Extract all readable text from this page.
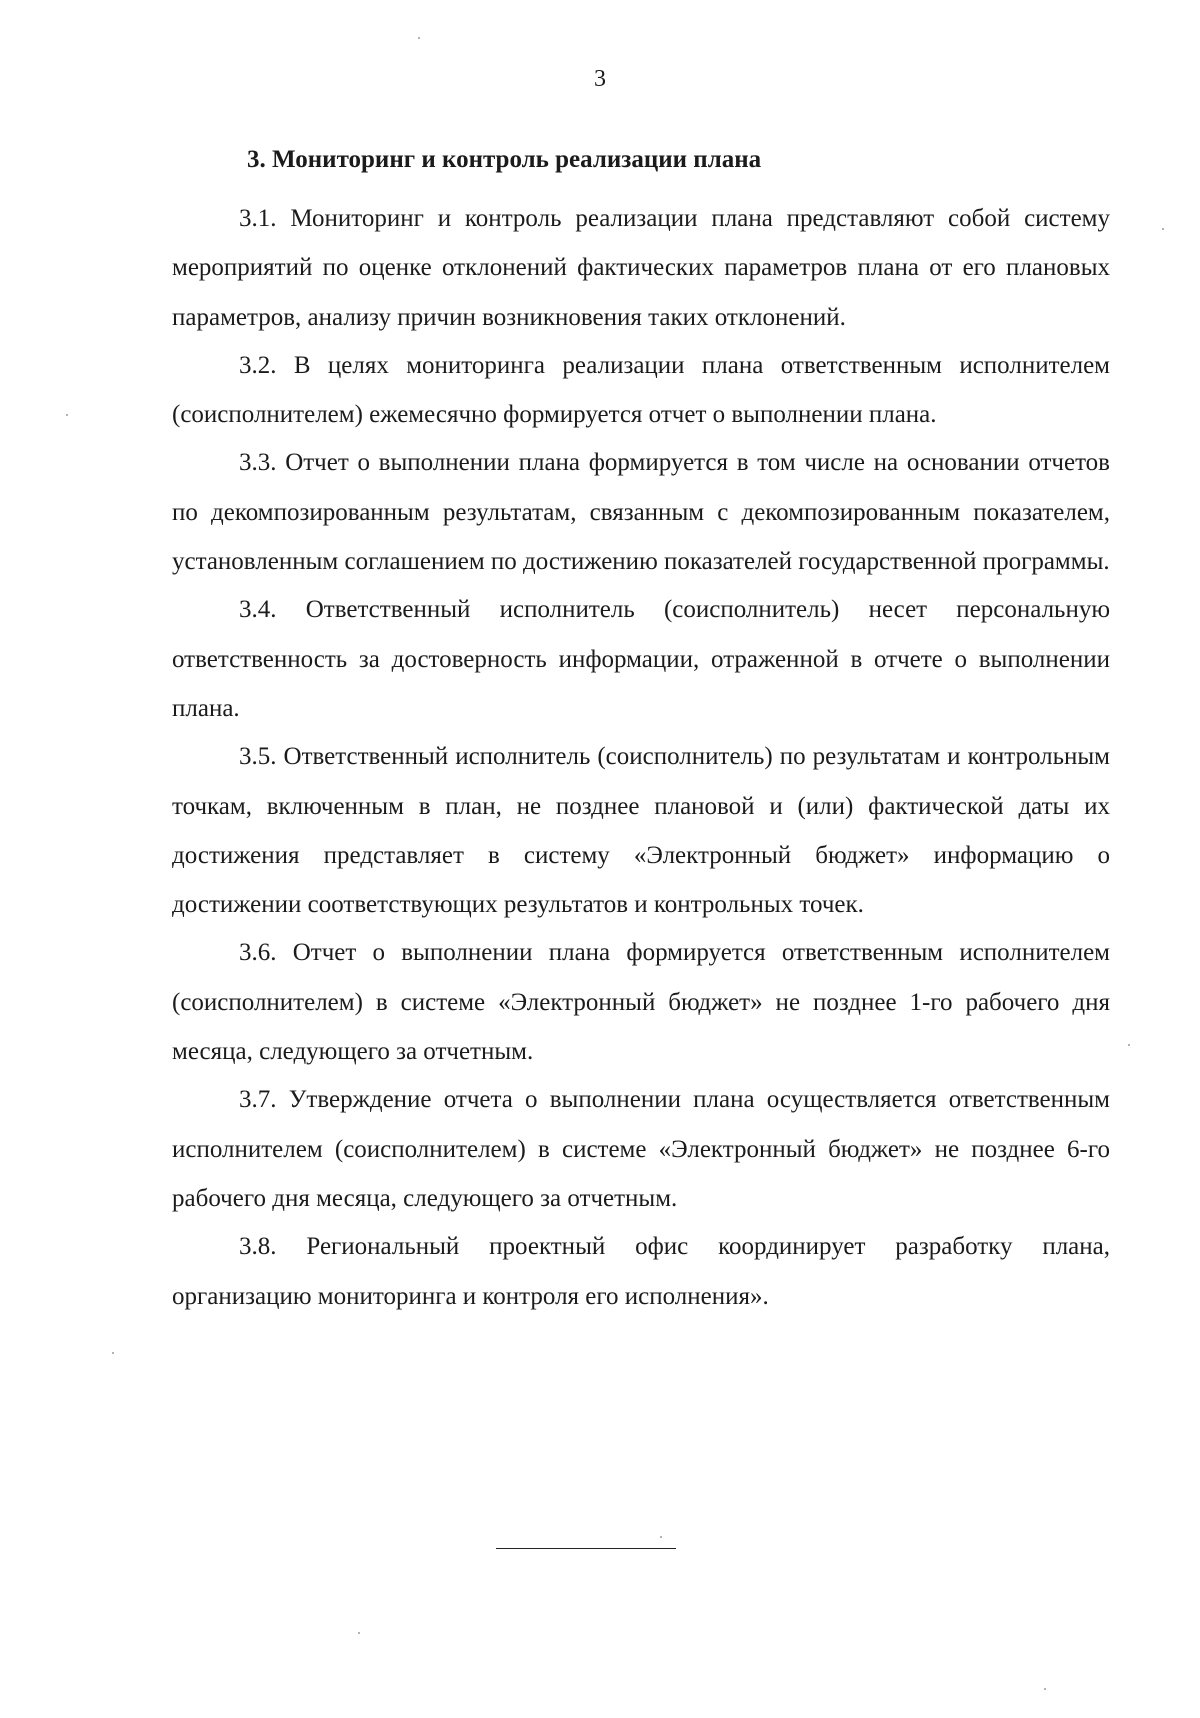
3
3. Мониторинг и контроль реализации плана

3.1. Мониторинг и контроль реализации плана представляют собой систему мероприятий по оценке отклонений фактических параметров плана от его плановых параметров, анализу причин возникновения таких отклонений.

3.2. В целях мониторинга реализации плана ответственным исполнителем (соисполнителем) ежемесячно формируется отчет о выполнении плана.

3.3. Отчет о выполнении плана формируется в том числе на основании отчетов по декомпозированным результатам, связанным с декомпозированным показателем, установленным соглашением по достижению показателей государственной программы.

3.4. Ответственный исполнитель (соисполнитель) несет персональную ответственность за достоверность информации, отраженной в отчете о выполнении плана.

3.5. Ответственный исполнитель (соисполнитель) по результатам и контрольным точкам, включенным в план, не позднее плановой и (или) фактической даты их достижения представляет в систему «Электронный бюджет» информацию о достижении соответствующих результатов и контрольных точек.

3.6. Отчет о выполнении плана формируется ответственным исполнителем (соисполнителем) в системе «Электронный бюджет» не позднее 1-го рабочего дня месяца, следующего за отчетным.

3.7. Утверждение отчета о выполнении плана осуществляется ответственным исполнителем (соисполнителем) в системе «Электронный бюджет» не позднее 6-го рабочего дня месяца, следующего за отчетным.

3.8. Региональный проектный офис координирует разработку плана, организацию мониторинга и контроля его исполнения».
